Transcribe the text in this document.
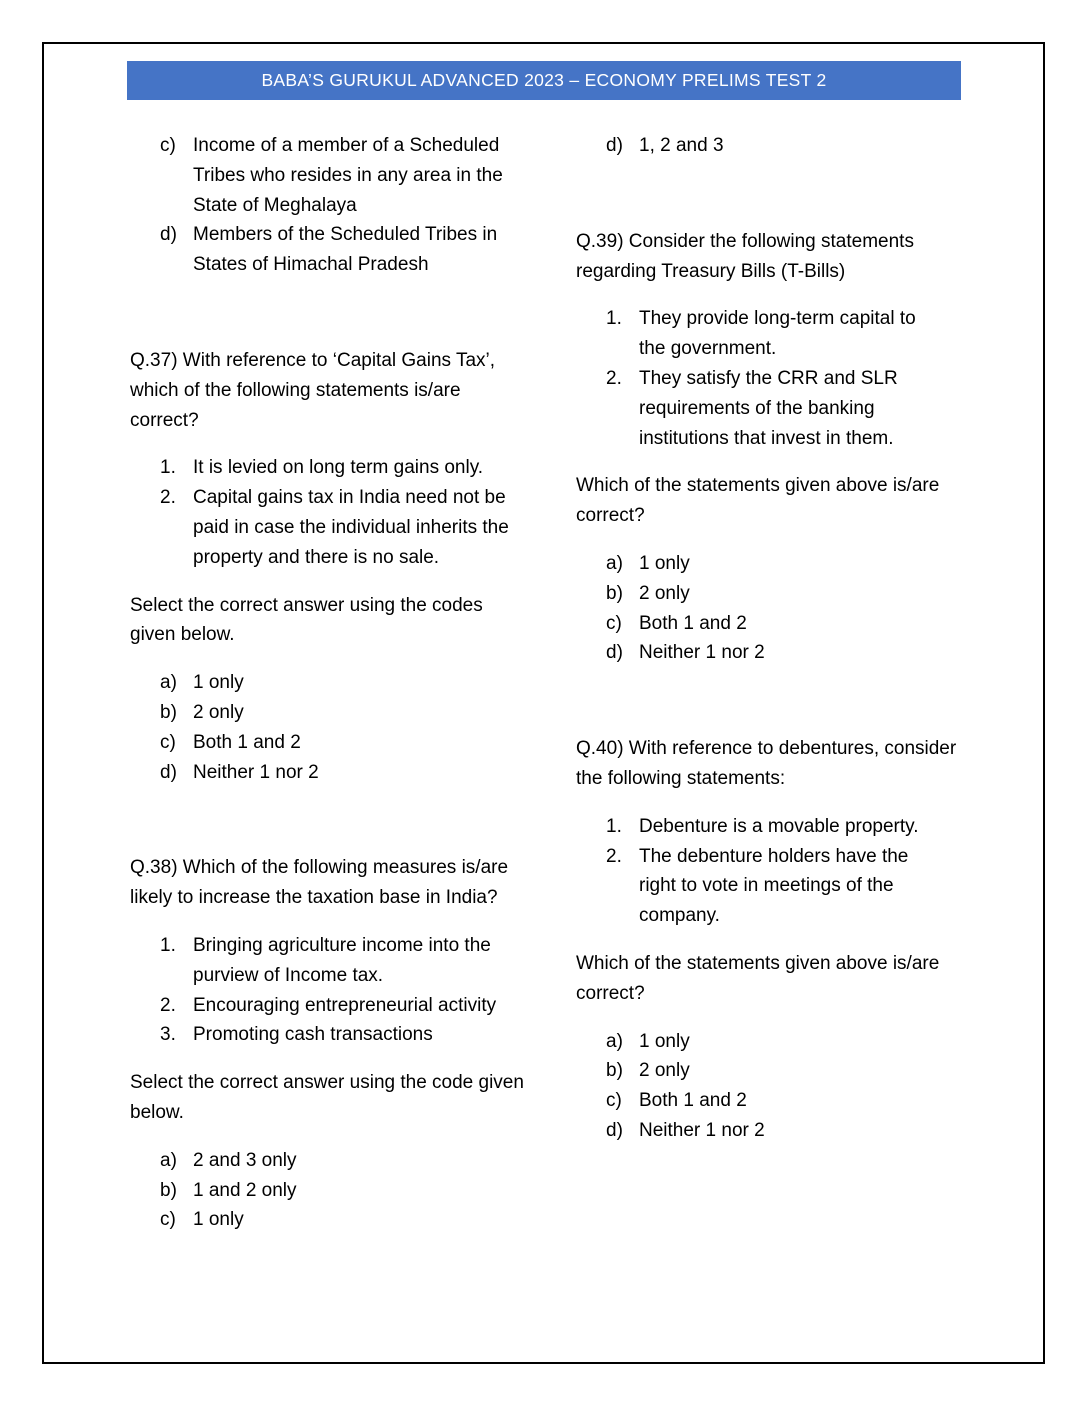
BABA’S GURUKUL ADVANCED 2023 – ECONOMY PRELIMS TEST 2
c) Income of a member of a Scheduled Tribes who resides in any area in the State of Meghalaya
d) Members of the Scheduled Tribes in States of Himachal Pradesh

Q.37) With reference to ‘Capital Gains Tax’, which of the following statements is/are correct?

1. It is levied on long term gains only.
2. Capital gains tax in India need not be paid in case the individual inherits the property and there is no sale.

Select the correct answer using the codes given below.

a) 1 only
b) 2 only
c) Both 1 and 2
d) Neither 1 nor 2

Q.38) Which of the following measures is/are likely to increase the taxation base in India?

1. Bringing agriculture income into the purview of Income tax.
2. Encouraging entrepreneurial activity
3. Promoting cash transactions

Select the correct answer using the code given below.

a) 2 and 3 only
b) 1 and 2 only
c) 1 only
d) 1, 2 and 3

Q.39) Consider the following statements regarding Treasury Bills (T-Bills)

1. They provide long-term capital to the government.
2. They satisfy the CRR and SLR requirements of the banking institutions that invest in them.

Which of the statements given above is/are correct?

a) 1 only
b) 2 only
c) Both 1 and 2
d) Neither 1 nor 2

Q.40) With reference to debentures, consider the following statements:

1. Debenture is a movable property.
2. The debenture holders have the right to vote in meetings of the company.

Which of the statements given above is/are correct?

a) 1 only
b) 2 only
c) Both 1 and 2
d) Neither 1 nor 2
